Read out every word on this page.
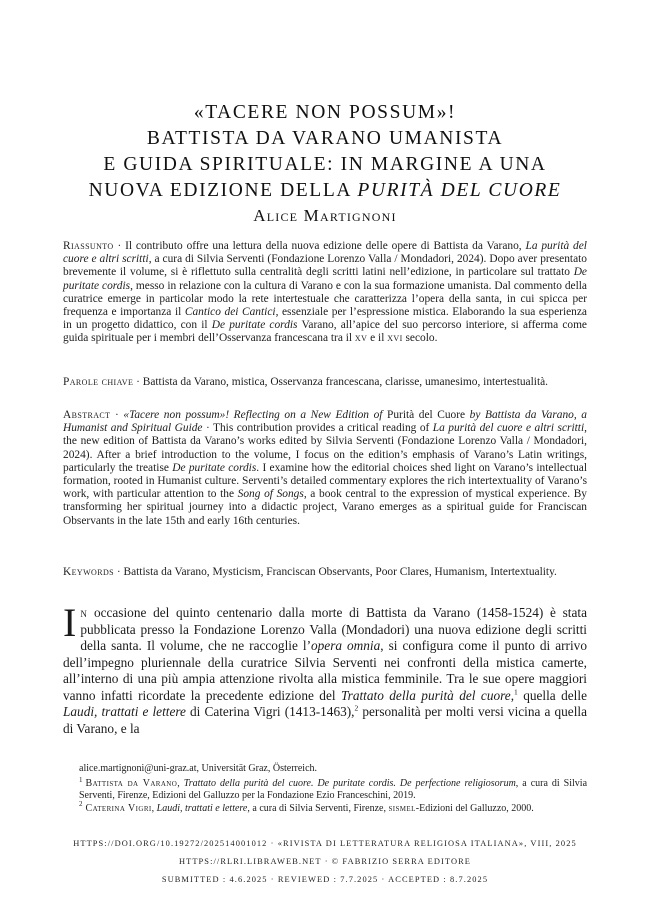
«TACERE NON POSSUM»!
BATTISTA DA VARANO UMANISTA
E GUIDA SPIRITUALE: IN MARGINE A UNA
NUOVA EDIZIONE DELLA PURITÀ DEL CUORE
Alice Martignoni
Riassunto · Il contributo offre una lettura della nuova edizione delle opere di Battista da Varano, La purità del cuore e altri scritti, a cura di Silvia Serventi (Fondazione Lorenzo Valla / Mondadori, 2024). Dopo aver presentato brevemente il volume, si è riflettuto sulla centralità degli scritti latini nell’edizione, in particolare sul trattato De puritate cordis, messo in relazione con la cultura di Varano e con la sua formazione umanista. Dal commento della curatrice emerge in particolar modo la rete intertestuale che caratterizza l’opera della santa, in cui spicca per frequenza e importanza il Cantico dei Cantici, essenziale per l’espressione mistica. Elaborando la sua esperienza in un progetto didattico, con il De puritate cordis Varano, all’apice del suo percorso interiore, si afferma come guida spirituale per i membri dell’Osservanza francescana tra il xv e il xvi secolo.
Parole chiave · Battista da Varano, mistica, Osservanza francescana, clarisse, umanesimo, intertestualità.
Abstract · «Tacere non possum»! Reflecting on a New Edition of Purità del Cuore by Battista da Varano, a Humanist and Spiritual Guide · This contribution provides a critical reading of La purità del cuore e altri scritti, the new edition of Battista da Varano’s works edited by Silvia Serventi (Fondazione Lorenzo Valla / Mondadori, 2024). After a brief introduction to the volume, I focus on the edition’s emphasis of Varano’s Latin writings, particularly the treatise De puritate cordis. I examine how the editorial choices shed light on Varano’s intellectual formation, rooted in Humanist culture. Serventi’s detailed commentary explores the rich intertextuality of Varano’s work, with particular attention to the Song of Songs, a book central to the expression of mystical experience. By transforming her spiritual journey into a didactic project, Varano emerges as a spiritual guide for Franciscan Observants in the late 15th and early 16th centuries.
Keywords · Battista da Varano, Mysticism, Franciscan Observants, Poor Clares, Humanism, Intertextuality.
In occasione del quinto centenario dalla morte di Battista da Varano (1458-1524) è stata pubblicata presso la Fondazione Lorenzo Valla (Mondadori) una nuova edizione degli scritti della santa. Il volume, che ne raccoglie l’opera omnia, si configura come il punto di arrivo dell’impegno pluriennale della curatrice Silvia Serventi nei confronti della mistica camerte, all’interno di una più ampia attenzione rivolta alla mistica femminile. Tra le sue opere maggiori vanno infatti ricordate la precedente edizione del Trattato della purità del cuore,$^1$ quella delle Laudi, trattati e lettere di Caterina Vigri (1413-1463),$^2$ personalità per molti versi vicina a quella di Varano, e la
alice.martignoni@uni-graz.at, Universität Graz, Österreich.
$^1$ Battista da Varano, Trattato della purità del cuore. De puritate cordis. De perfectione religiosorum, a cura di Silvia Serventi, Firenze, Edizioni del Galluzzo per la Fondazione Ezio Franceschini, 2019.
$^2$ Caterina Vigri, Laudi, trattati e lettere, a cura di Silvia Serventi, Firenze, sismel-Edizioni del Galluzzo, 2000.
HTTPS://DOI.ORG/10.19272/202514001012 · «RIVISTA DI LETTERATURA RELIGIOSA ITALIANA», VIII, 2025
HTTPS://RLRI.LIBRAWEB.NET · © FABRIZIO SERRA EDITORE
SUBMITTED : 4.6.2025 · REVIEWED : 7.7.2025 · ACCEPTED : 8.7.2025
